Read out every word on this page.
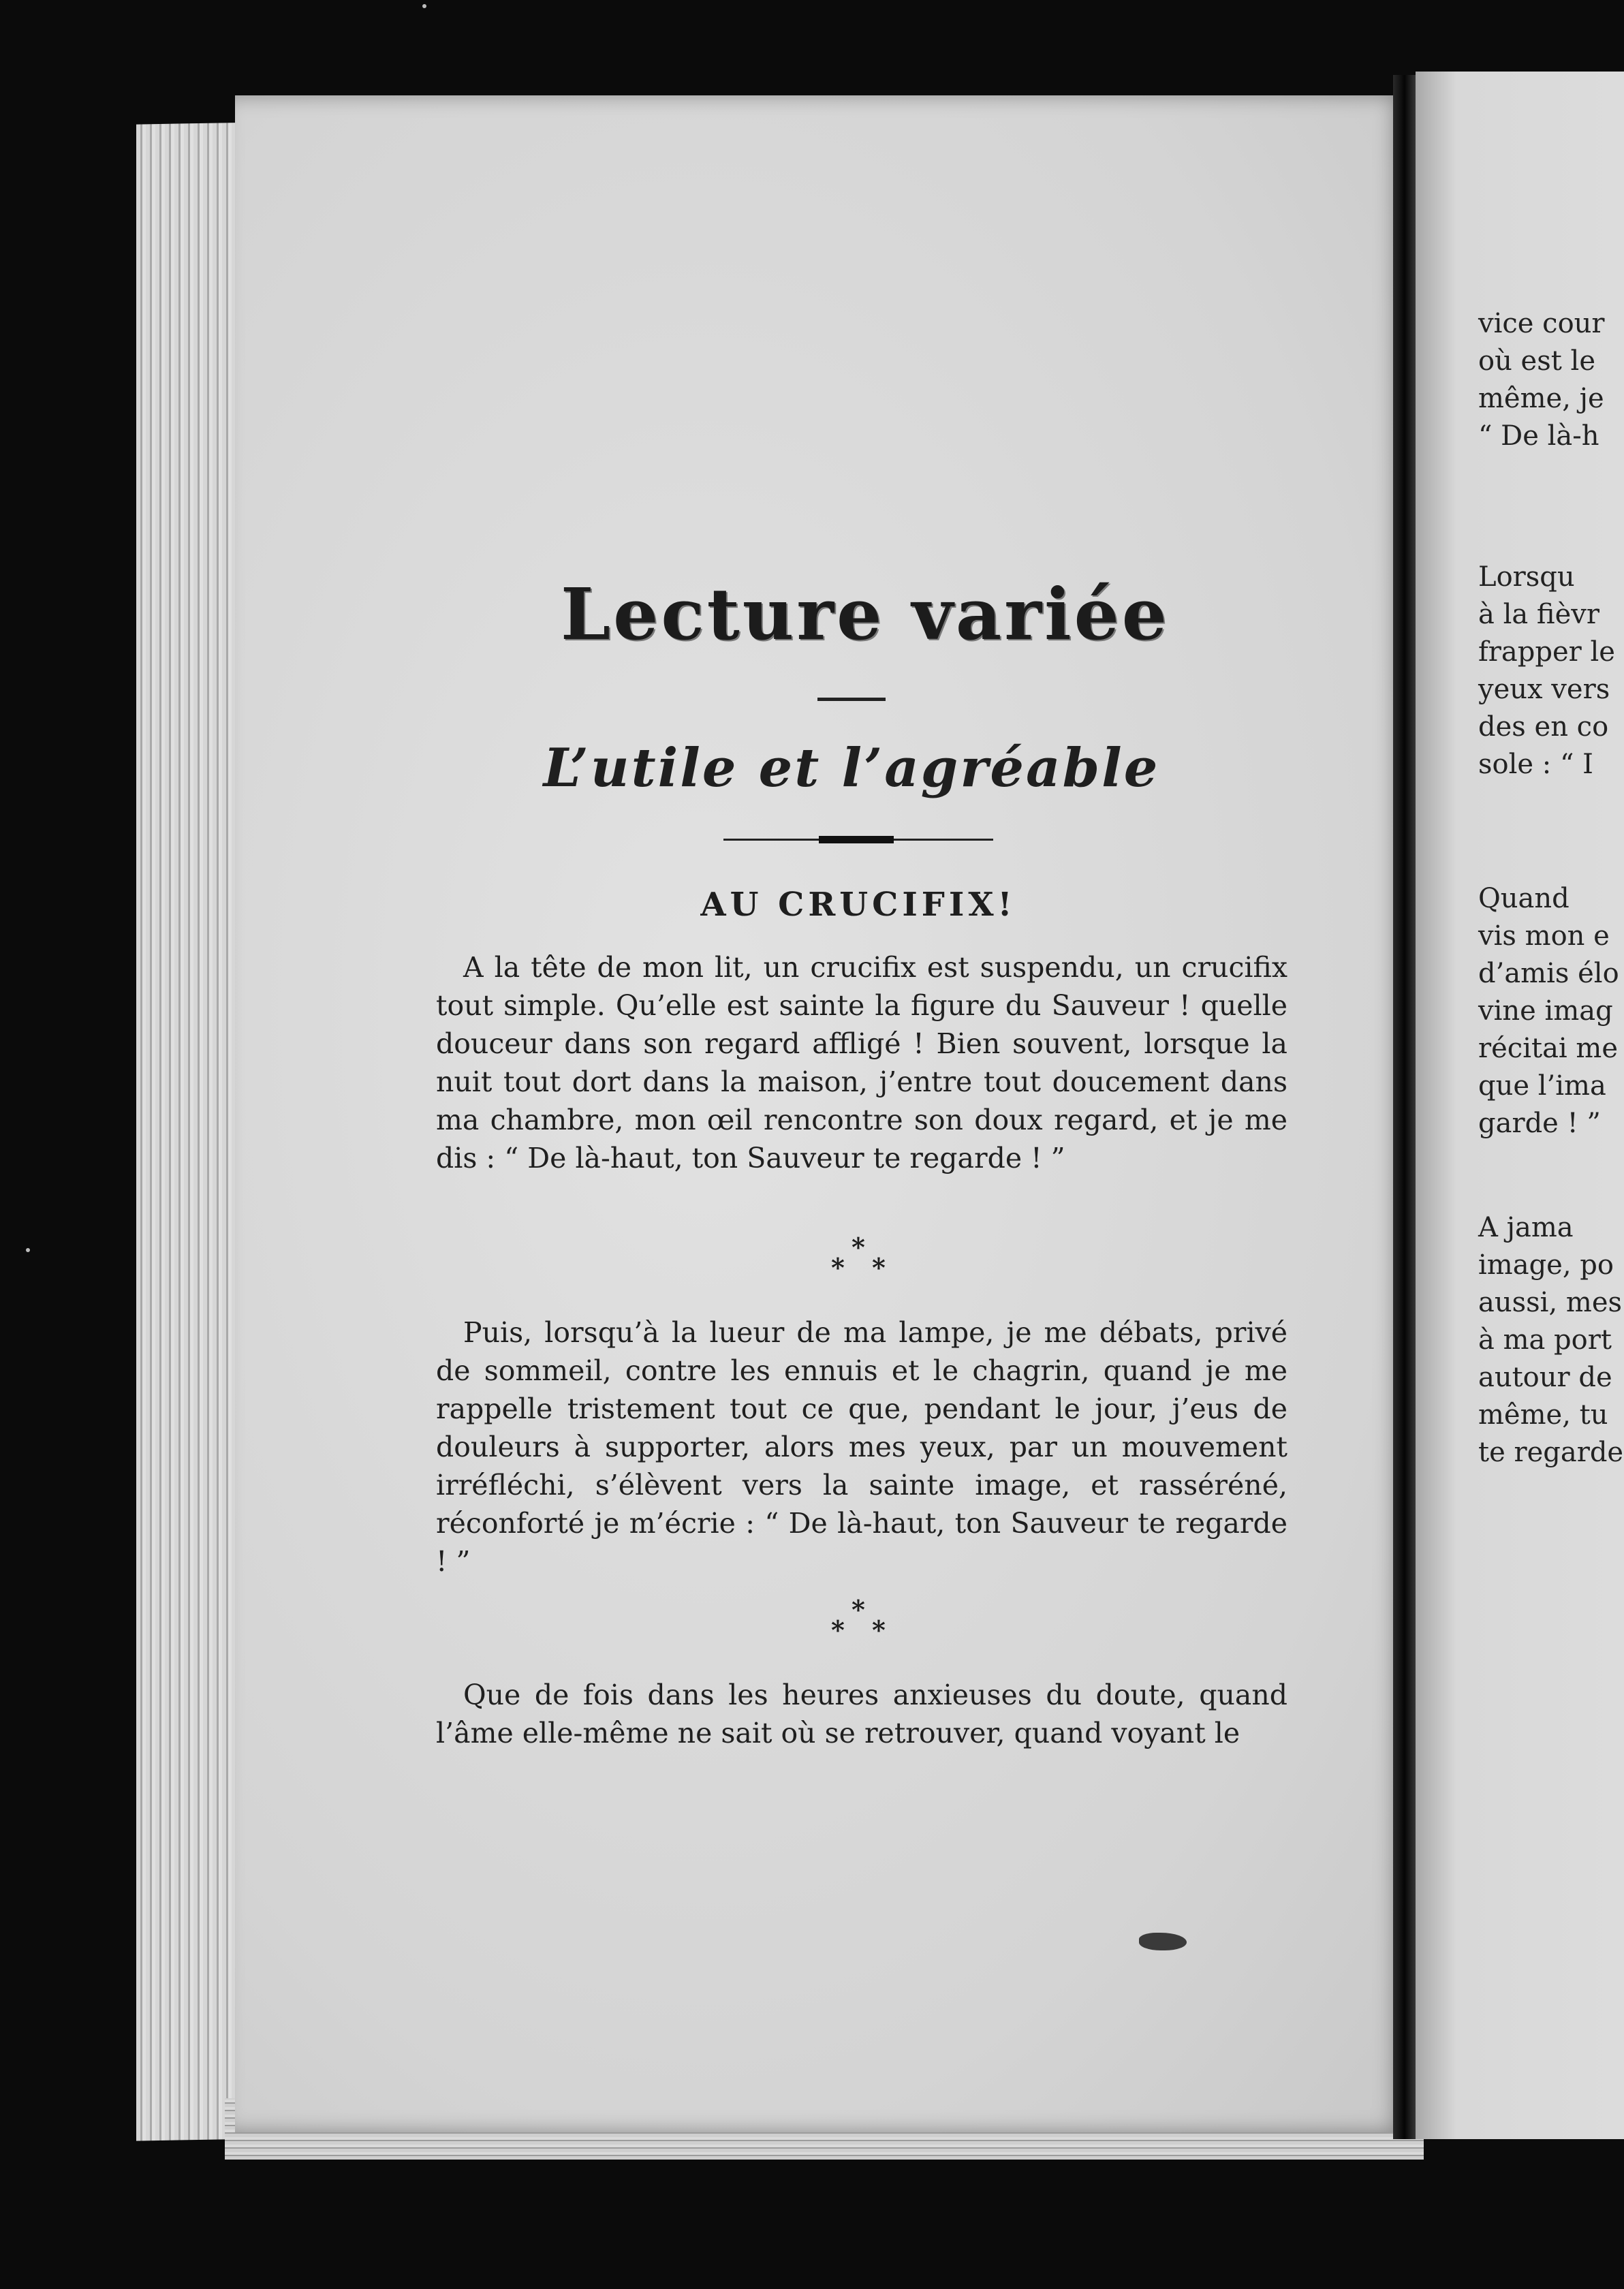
Lecture variée
L’utile et l’agréable
AU CRUCIFIX!
A la tête de mon lit, un crucifix est suspendu, un crucifix tout simple. Qu’elle est sainte la figure du Sauveur ! quelle douceur dans son regard affligé ! Bien souvent, lorsque la nuit tout dort dans la maison, j’entre tout doucement dans ma chambre, mon œil rencontre son doux regard, et je me dis : “ De là-haut, ton Sauveur te regarde ! ”
*
* *
Puis, lorsqu’à la lueur de ma lampe, je me débats, privé de sommeil, contre les ennuis et le chagrin, quand je me rappelle tristement tout ce que, pendant le jour, j’eus de douleurs à supporter, alors mes yeux, par un mouvement irréfléchi, s’élèvent vers la sainte image, et rasséréné, réconforté je m’écrie : “ De là-haut, ton Sauveur te regarde ! ”
*
* *
Que de fois dans les heures anxieuses du doute, quand l’âme elle-même ne sait où se retrouver, quand voyant le
vice cour
où est le
même, je
“ De là-h
Lorsqu
à la fièvr
frapper le
yeux vers
des en co
sole : “ I
Quand
vis mon e
d’amis élo
vine imag
récitai me
que l’ima
garde ! ”
A jama
image, po
aussi, mes
à ma port
autour de
même, tu
te regarde
